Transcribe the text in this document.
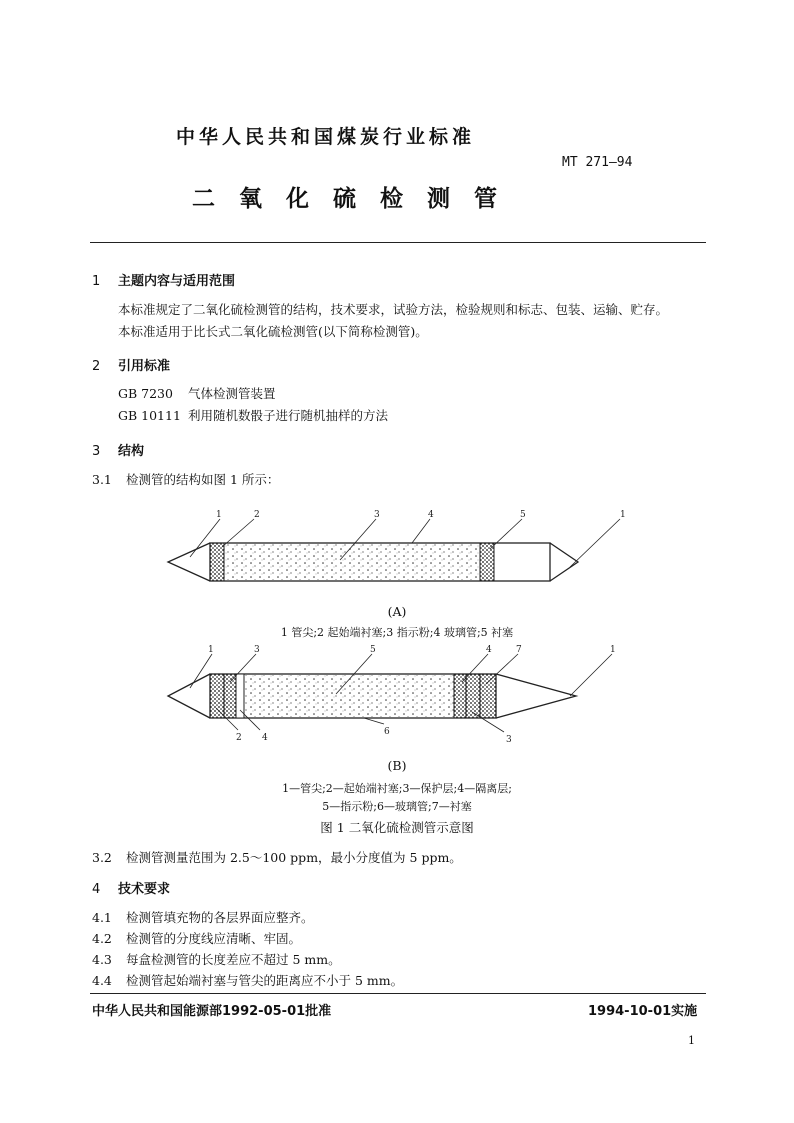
中华人民共和国煤炭行业标准
MT 271—94
二氧化硫检测管
1 主题内容与适用范围
本标准规定了二氧化硫检测管的结构，技术要求，试验方法，检验规则和标志、包装、运输、贮存。
本标准适用于比长式二氧化硫检测管(以下简称检测管)。
2 引用标准
GB 7230 气体检测管装置
GB 10111 利用随机数骰子进行随机抽样的方法
3 结构
3.1 检测管的结构如图 1 所示：
1	2	3	4	5	1
(A)
1 管尖;2 起始端衬塞;3 指示粉;4 玻璃管;5 衬塞
1	3	5	4	7	1
2 4
6
3
(B)
1—管尖;2—起始端衬塞;3—保护层;4—隔离层;
5—指示粉;6—玻璃管;7—衬塞
图 1 二氧化硫检测管示意图
3.2 检测管测量范围为 2.5～100 ppm，最小分度值为 5 ppm。
4 技术要求
4.1 检测管填充物的各层界面应整齐。
4.2 检测管的分度线应清晰、牢固。
4.3 每盒检测管的长度差应不超过 5 mm。
4.4 检测管起始端衬塞与管尖的距离应不小于 5 mm。
中华人民共和国能源部1992-05-01批准	1994-10-01实施
1
